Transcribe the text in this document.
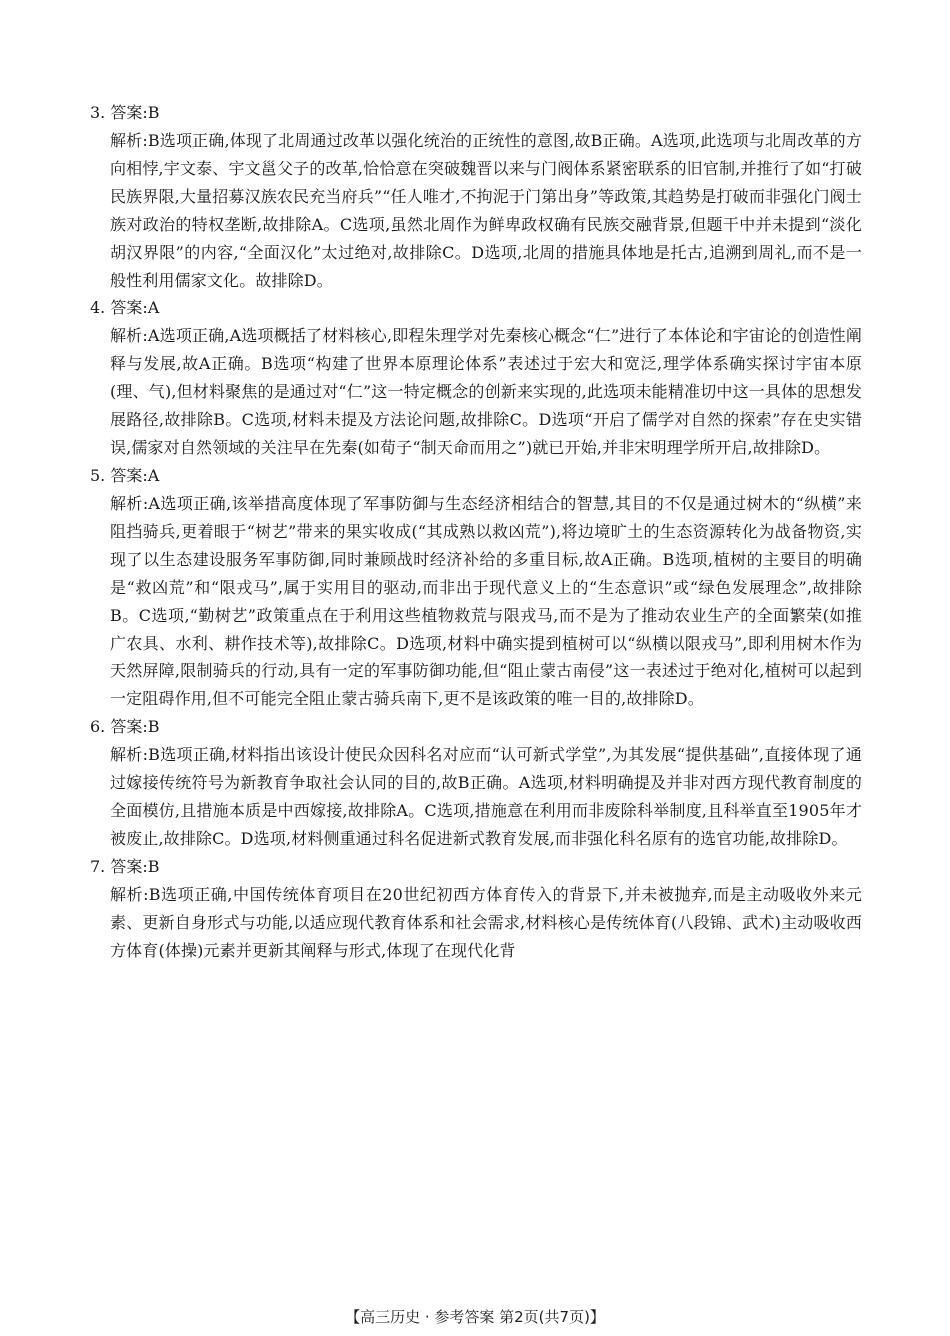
3. 答案:B

解析:B选项正确,体现了北周通过改革以强化统治的正统性的意图,故B正确。A选项,此选项与北周改革的方向相悖,宇文泰、宇文邕父子的改革,恰恰意在突破魏晋以来与门阀体系紧密联系的旧官制,并推行了如“打破民族界限,大量招募汉族农民充当府兵”“任人唯才,不拘泥于门第出身”等政策,其趋势是打破而非强化门阀士族对政治的特权垄断,故排除A。C选项,虽然北周作为鲜卑政权确有民族交融背景,但题干中并未提到“淡化胡汉界限”的内容,“全面汉化”太过绝对,故排除C。D选项,北周的措施具体地是托古,追溯到周礼,而不是一般性利用儒家文化。故排除D。

4. 答案:A

解析:A选项正确,A选项概括了材料核心,即程朱理学对先秦核心概念“仁”进行了本体论和宇宙论的创造性阐释与发展,故A正确。B选项“构建了世界本原理论体系”表述过于宏大和宽泛,理学体系确实探讨宇宙本原(理、气),但材料聚焦的是通过对“仁”这一特定概念的创新来实现的,此选项未能精准切中这一具体的思想发展路径,故排除B。C选项,材料未提及方法论问题,故排除C。D选项“开启了儒学对自然的探索”存在史实错误,儒家对自然领域的关注早在先秦(如荀子“制天命而用之”)就已开始,并非宋明理学所开启,故排除D。

5. 答案:A

解析:A选项正确,该举措高度体现了军事防御与生态经济相结合的智慧,其目的不仅是通过树木的“纵横”来阻挡骑兵,更着眼于“树艺”带来的果实收成(“其成熟以救凶荒”),将边境旷土的生态资源转化为战备物资,实现了以生态建设服务军事防御,同时兼顾战时经济补给的多重目标,故A正确。B选项,植树的主要目的明确是“救凶荒”和“限戎马”,属于实用目的驱动,而非出于现代意义上的“生态意识”或“绿色发展理念”,故排除B。C选项,“勤树艺”政策重点在于利用这些植物救荒与限戎马,而不是为了推动农业生产的全面繁荣(如推广农具、水利、耕作技术等),故排除C。D选项,材料中确实提到植树可以“纵横以限戎马”,即利用树木作为天然屏障,限制骑兵的行动,具有一定的军事防御功能,但“阻止蒙古南侵”这一表述过于绝对化,植树可以起到一定阻碍作用,但不可能完全阻止蒙古骑兵南下,更不是该政策的唯一目的,故排除D。

6. 答案:B

解析:B选项正确,材料指出该设计使民众因科名对应而“认可新式学堂”,为其发展“提供基础”,直接体现了通过嫁接传统符号为新教育争取社会认同的目的,故B正确。A选项,材料明确提及并非对西方现代教育制度的全面模仿,且措施本质是中西嫁接,故排除A。C选项,措施意在利用而非废除科举制度,且科举直至1905年才被废止,故排除C。D选项,材料侧重通过科名促进新式教育发展,而非强化科名原有的选官功能,故排除D。

7. 答案:B

解析:B选项正确,中国传统体育项目在20世纪初西方体育传入的背景下,并未被抛弃,而是主动吸收外来元素、更新自身形式与功能,以适应现代教育体系和社会需求,材料核心是传统体育(八段锦、武术)主动吸收西方体育(体操)元素并更新其阐释与形式,体现了在现代化背

【高三历史 · 参考答案 第2页(共7页)】
